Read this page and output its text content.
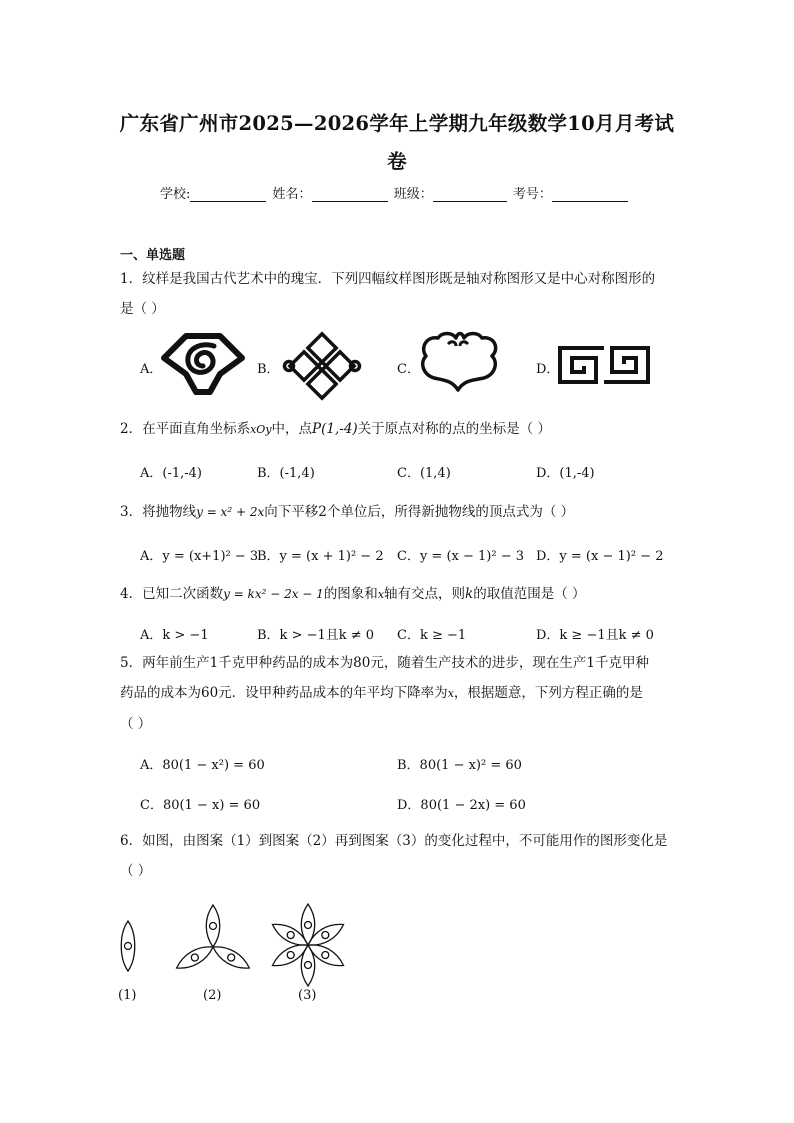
广东省广州市2025—2026学年上学期九年级数学10月月考试
卷
学校:	姓名：	班级：	考号：
一、单选题
1．纹样是我国古代艺术中的瑰宝．下列四幅纹样图形既是轴对称图形又是中心对称图形的
是（ ）
A．	B．	C．	D．
2．在平面直角坐标系xOy中，点P(1,-4)关于原点对称的点的坐标是（ ）
A．(-1,-4)	B．(-1,4)	C．(1,4)	D．(1,-4)
3．将抛物线y = x² + 2x向下平移2个单位后，所得新抛物线的顶点式为（ ）
A．y = (x+1)² − 3
B．y = (x + 1)² − 2 C．y = (x − 1)² − 3 D．y = (x − 1)² − 2
4．已知二次函数y = kx² − 2x − 1的图象和x轴有交点，则k的取值范围是（ ）
A．k > −1	B．k > −1且k ≠ 0 C．k ≥ −1	D．k ≥ −1且k ≠ 0
5．两年前生产1千克甲种药品的成本为80元，随着生产技术的进步，现在生产1千克甲种
药品的成本为60元．设甲种药品成本的年平均下降率为x，根据题意，下列方程正确的是
（ ）
A．80(1 − x²) = 60	B．80(1 − x)² = 60
C．80(1 − x) = 60	D．80(1 − 2x) = 60
6．如图，由图案（1）到图案（2）再到图案（3）的变化过程中，不可能用作的图形变化是
（ ）
(1)	(2)	(3)
